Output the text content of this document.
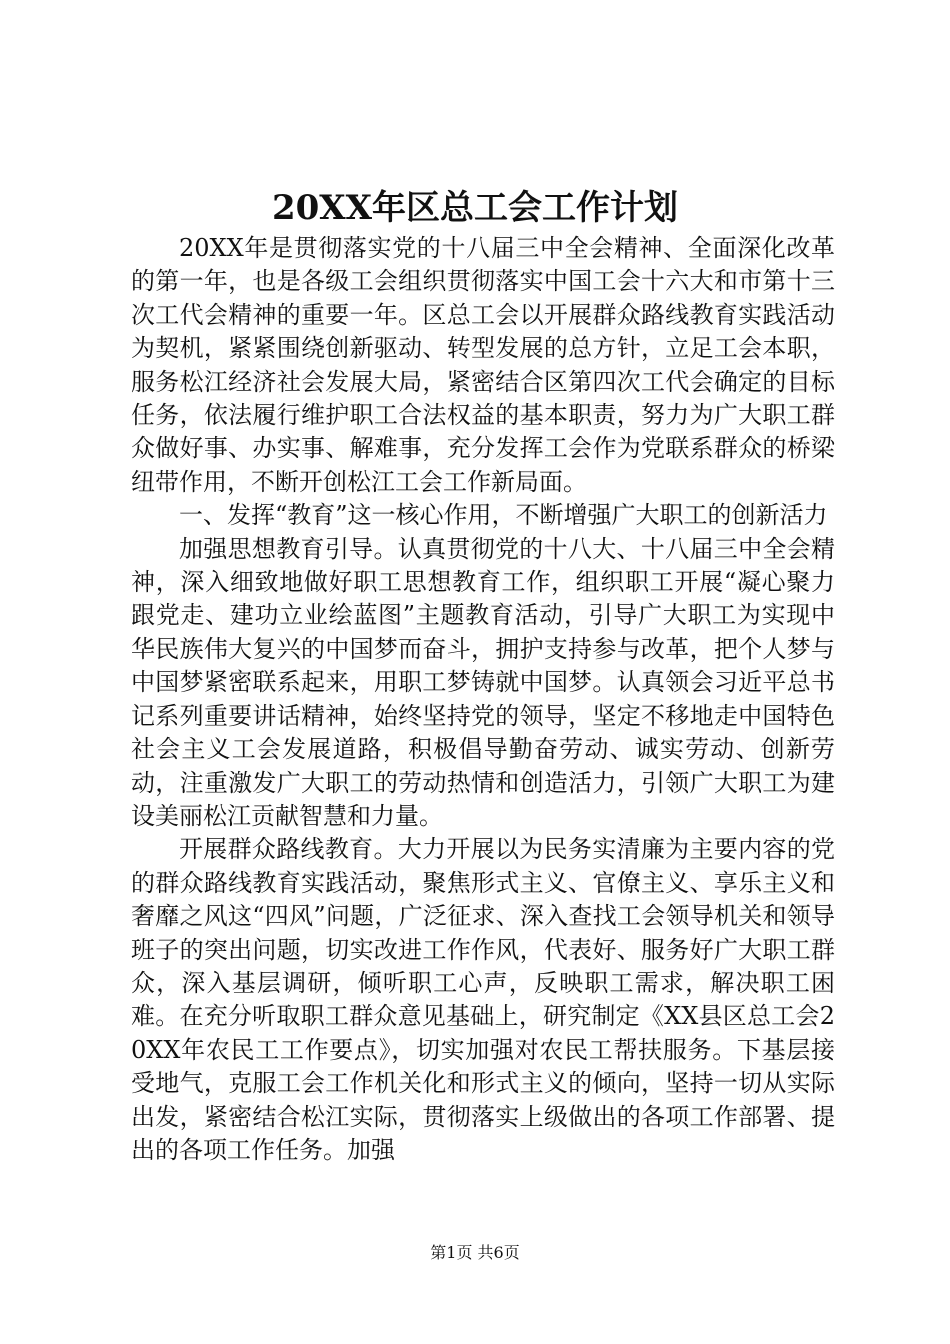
20XX年区总工会工作计划

20XX年是贯彻落实党的十八届三中全会精神、全面深化改革的第一年，也是各级工会组织贯彻落实中国工会十六大和市第十三次工代会精神的重要一年。区总工会以开展群众路线教育实践活动为契机，紧紧围绕创新驱动、转型发展的总方针，立足工会本职，服务松江经济社会发展大局，紧密结合区第四次工代会确定的目标任务，依法履行维护职工合法权益的基本职责，努力为广大职工群众做好事、办实事、解难事，充分发挥工会作为党联系群众的桥梁纽带作用，不断开创松江工会工作新局面。

一、发挥“教育”这一核心作用，不断增强广大职工的创新活力

加强思想教育引导。认真贯彻党的十八大、十八届三中全会精神，深入细致地做好职工思想教育工作，组织职工开展“凝心聚力跟党走、建功立业绘蓝图”主题教育活动，引导广大职工为实现中华民族伟大复兴的中国梦而奋斗，拥护支持参与改革，把个人梦与中国梦紧密联系起来，用职工梦铸就中国梦。认真领会习近平总书记系列重要讲话精神，始终坚持党的领导，坚定不移地走中国特色社会主义工会发展道路，积极倡导勤奋劳动、诚实劳动、创新劳动，注重激发广大职工的劳动热情和创造活力，引领广大职工为建设美丽松江贡献智慧和力量。

开展群众路线教育。大力开展以为民务实清廉为主要内容的党的群众路线教育实践活动，聚焦形式主义、官僚主义、享乐主义和奢靡之风这“四风”问题，广泛征求、深入查找工会领导机关和领导班子的突出问题，切实改进工作作风，代表好、服务好广大职工群众，深入基层调研，倾听职工心声，反映职工需求，解决职工困难。在充分听取职工群众意见基础上，研究制定《XX县区总工会20XX年农民工工作要点》，切实加强对农民工帮扶服务。下基层接受地气，克服工会工作机关化和形式主义的倾向，坚持一切从实际出发，紧密结合松江实际，贯彻落实上级做出的各项工作部署、提出的各项工作任务。加强

第1页 共6页
